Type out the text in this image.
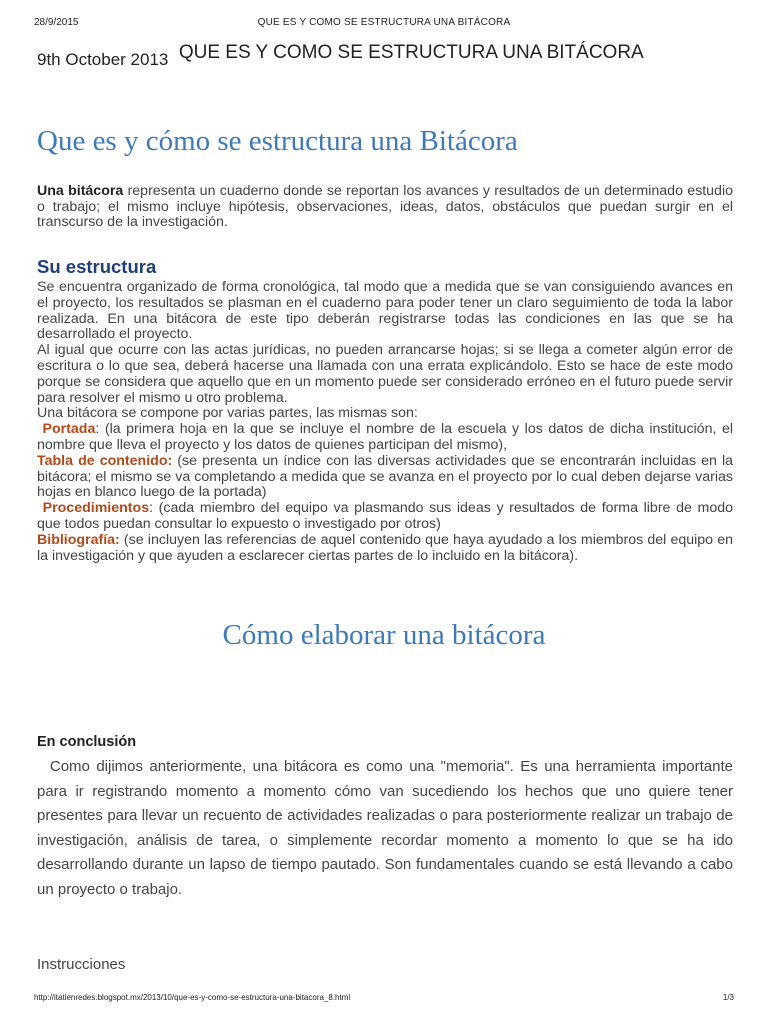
28/9/2015	QUE ES Y COMO SE ESTRUCTURA UNA BITÁCORA
9th October 2013 QUE ES Y COMO SE ESTRUCTURA UNA BITÁCORA
Que es y cómo se estructura una Bitácora
Una bitácora representa un cuaderno donde se reportan los avances y resultados de un determinado estudio o trabajo; el mismo incluye hipótesis, observaciones, ideas, datos, obstáculos que puedan surgir en el transcurso de la investigación.
Su estructura
Se encuentra organizado de forma cronológica, tal modo que a medida que se van consiguiendo avances en el proyecto, los resultados se plasman en el cuaderno para poder tener un claro seguimiento de toda la labor realizada. En una bitácora de este tipo deberán registrarse todas las condiciones en las que se ha desarrollado el proyecto.
Al igual que ocurre con las actas jurídicas, no pueden arrancarse hojas; si se llega a cometer algún error de escritura o lo que sea, deberá hacerse una llamada con una errata explicándolo. Esto se hace de este modo porque se considera que aquello que en un momento puede ser considerado erróneo en el futuro puede servir para resolver el mismo u otro problema.
Una bitácora se compone por varias partes, las mismas son:
Portada: (la primera hoja en la que se incluye el nombre de la escuela y los datos de dicha institución, el nombre que lleva el proyecto y los datos de quienes participan del mismo),
Tabla de contenido: (se presenta un índice con las diversas actividades que se encontrarán incluidas en la bitácora; el mismo se va completando a medida que se avanza en el proyecto por lo cual deben dejarse varias hojas en blanco luego de la portada)
Procedimientos: (cada miembro del equipo va plasmando sus ideas y resultados de forma libre de modo que todos puedan consultar lo expuesto o investigado por otros)
Bibliografía: (se incluyen las referencias de aquel contenido que haya ayudado a los miembros del equipo en la investigación y que ayuden a esclarecer ciertas partes de lo incluido en la bitácora).
Cómo elaborar una bitácora
En conclusión
Como dijimos anteriormente, una bitácora es como una "memoria". Es una herramienta importante para ir registrando momento a momento cómo van sucediendo los hechos que uno quiere tener presentes para llevar un recuento de actividades realizadas o para posteriormente realizar un trabajo de investigación, análisis de tarea, o simplemente recordar momento a momento lo que se ha ido desarrollando durante un lapso de tiempo pautado. Son fundamentales cuando se está llevando a cabo un proyecto o trabajo.
Instrucciones
http://itatienredes.blogspot.mx/2013/10/que-es-y-como-se-estructura-una-bitacora_8.html	1/3
